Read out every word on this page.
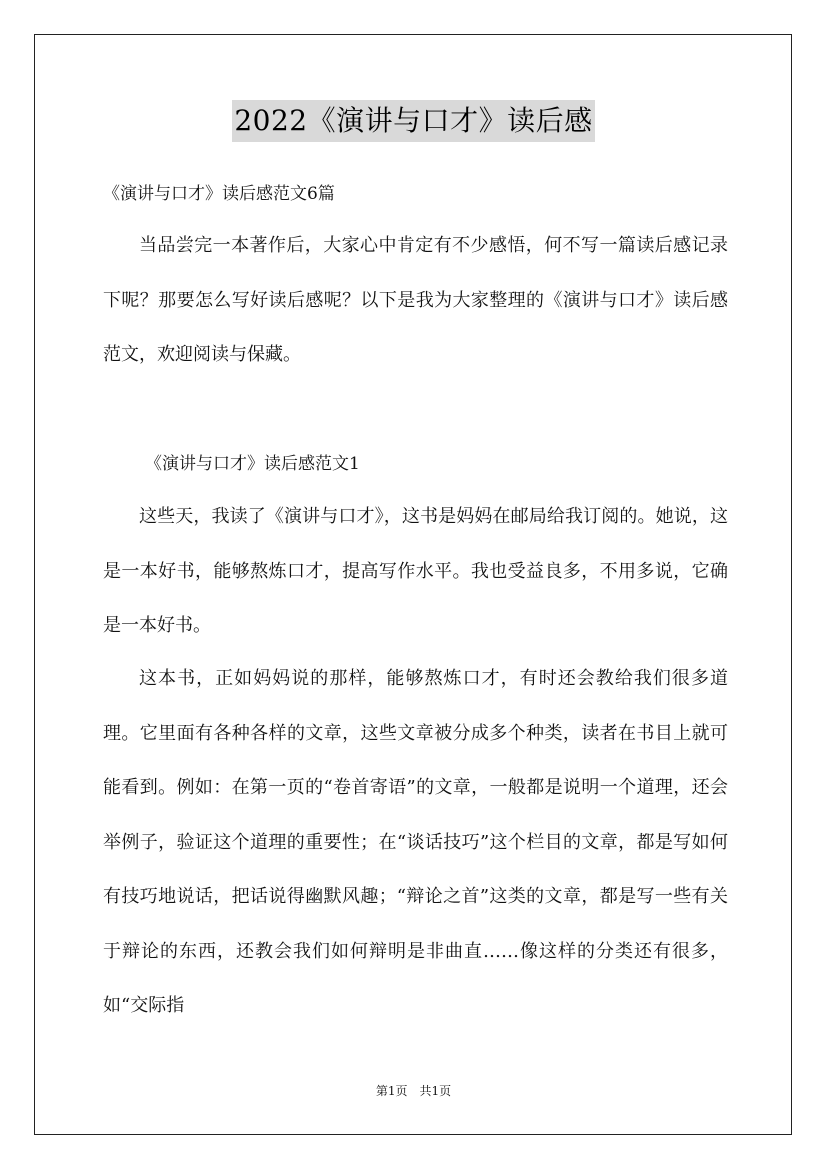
2022《演讲与口才》读后感
《演讲与口才》读后感范文6篇

当品尝完一本著作后，大家心中肯定有不少感悟，何不写一篇读后感记录下呢？那要怎么写好读后感呢？以下是我为大家整理的《演讲与口才》读后感范文，欢迎阅读与保藏。

《演讲与口才》读后感范文1

这些天，我读了《演讲与口才》，这书是妈妈在邮局给我订阅的。她说，这是一本好书，能够熬炼口才，提高写作水平。我也受益良多，不用多说，它确是一本好书。

这本书，正如妈妈说的那样，能够熬炼口才，有时还会教给我们很多道理。它里面有各种各样的文章，这些文章被分成多个种类，读者在书目上就可能看到。例如：在第一页的“卷首寄语”的文章，一般都是说明一个道理，还会举例子，验证这个道理的重要性；在“谈话技巧”这个栏目的文章，都是写如何有技巧地说话，把话说得幽默风趣；“辩论之首”这类的文章，都是写一些有关于辩论的东西，还教会我们如何辩明是非曲直……像这样的分类还有很多，如“交际指

第1页　共1页
